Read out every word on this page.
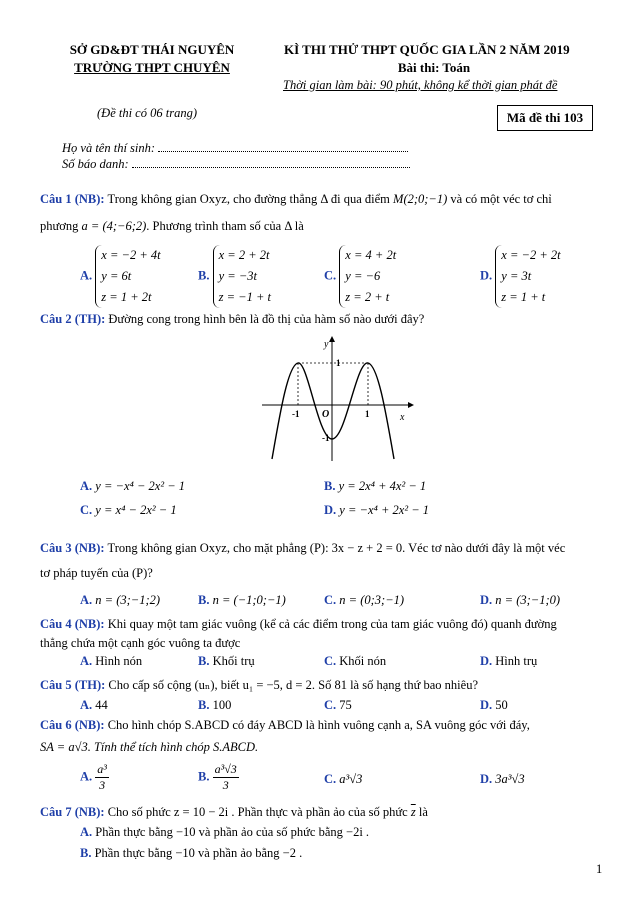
SỞ GD&ĐT THÁI NGUYÊN
TRƯỜNG THPT CHUYÊN
KÌ THI THỬ THPT QUỐC GIA LẦN 2 NĂM 2019
Bài thi: Toán
Thời gian làm bài: 90 phút, không kể thời gian phát đề
(Đề thi có 06 trang)	Mã đề thi 103
Họ và tên thí sinh:
Số báo danh:
Câu 1 (NB): Trong không gian Oxyz, cho đường thẳng Δ đi qua điểm M(2;0;−1) và có một véc tơ chỉ
phương a = (4;−6;2). Phương trình tham số của Δ là
A. x = −2 + 4t
y = 6t
z = 1 + 2t
B. x = 2 + 2t
y = −3t
z = −1 + t
C. x = 4 + 2t
y = −6
z = 2 + t
D. x = −2 + 2t
y = 3t
z = 1 + t
Câu 2 (TH): Đường cong trong hình bên là đồ thị của hàm số nào dưới đây?
y
x
O
-1	1
1
-1
A. y = −x⁴ − 2x² − 1	B. y = 2x⁴ + 4x² − 1
C. y = x⁴ − 2x² − 1	D. y = −x⁴ + 2x² − 1
Câu 3 (NB): Trong không gian Oxyz, cho mặt phẳng (P): 3x − z + 2 = 0. Véc tơ nào dưới đây là một véc
tơ pháp tuyến của (P)?
A. n = (3;−1;2)	B. n = (−1;0;−1)	C. n = (0;3;−1)	D. n = (3;−1;0)
Câu 4 (NB): Khi quay một tam giác vuông (kể cả các điểm trong của tam giác vuông đó) quanh đường
thẳng chứa một cạnh góc vuông ta được
A. Hình nón	B. Khối trụ	C. Khối nón	D. Hình trụ
Câu 5 (TH): Cho cấp số cộng (uₙ), biết u₁ = −5, d = 2. Số 81 là số hạng thứ bao nhiêu?
A. 44	B. 100	C. 75	D. 50
Câu 6 (NB): Cho hình chóp S.ABCD có đáy ABCD là hình vuông cạnh a, SA vuông góc với đáy,
SA = a√3. Tính thể tích hình chóp S.ABCD.
A. $\frac{\text{a³}}{3}$	B. $\frac{\text{a³√3}}{3}$	C. a³√3	D. 3a³√3
Câu 7 (NB): Cho số phức z = 10 − 2i . Phần thực và phần ảo của số phức $\overline{z}$ là
A. Phần thực bằng −10 và phần ảo của số phức bằng −2i .
B. Phần thực bằng −10 và phần ảo bằng −2 .
1
